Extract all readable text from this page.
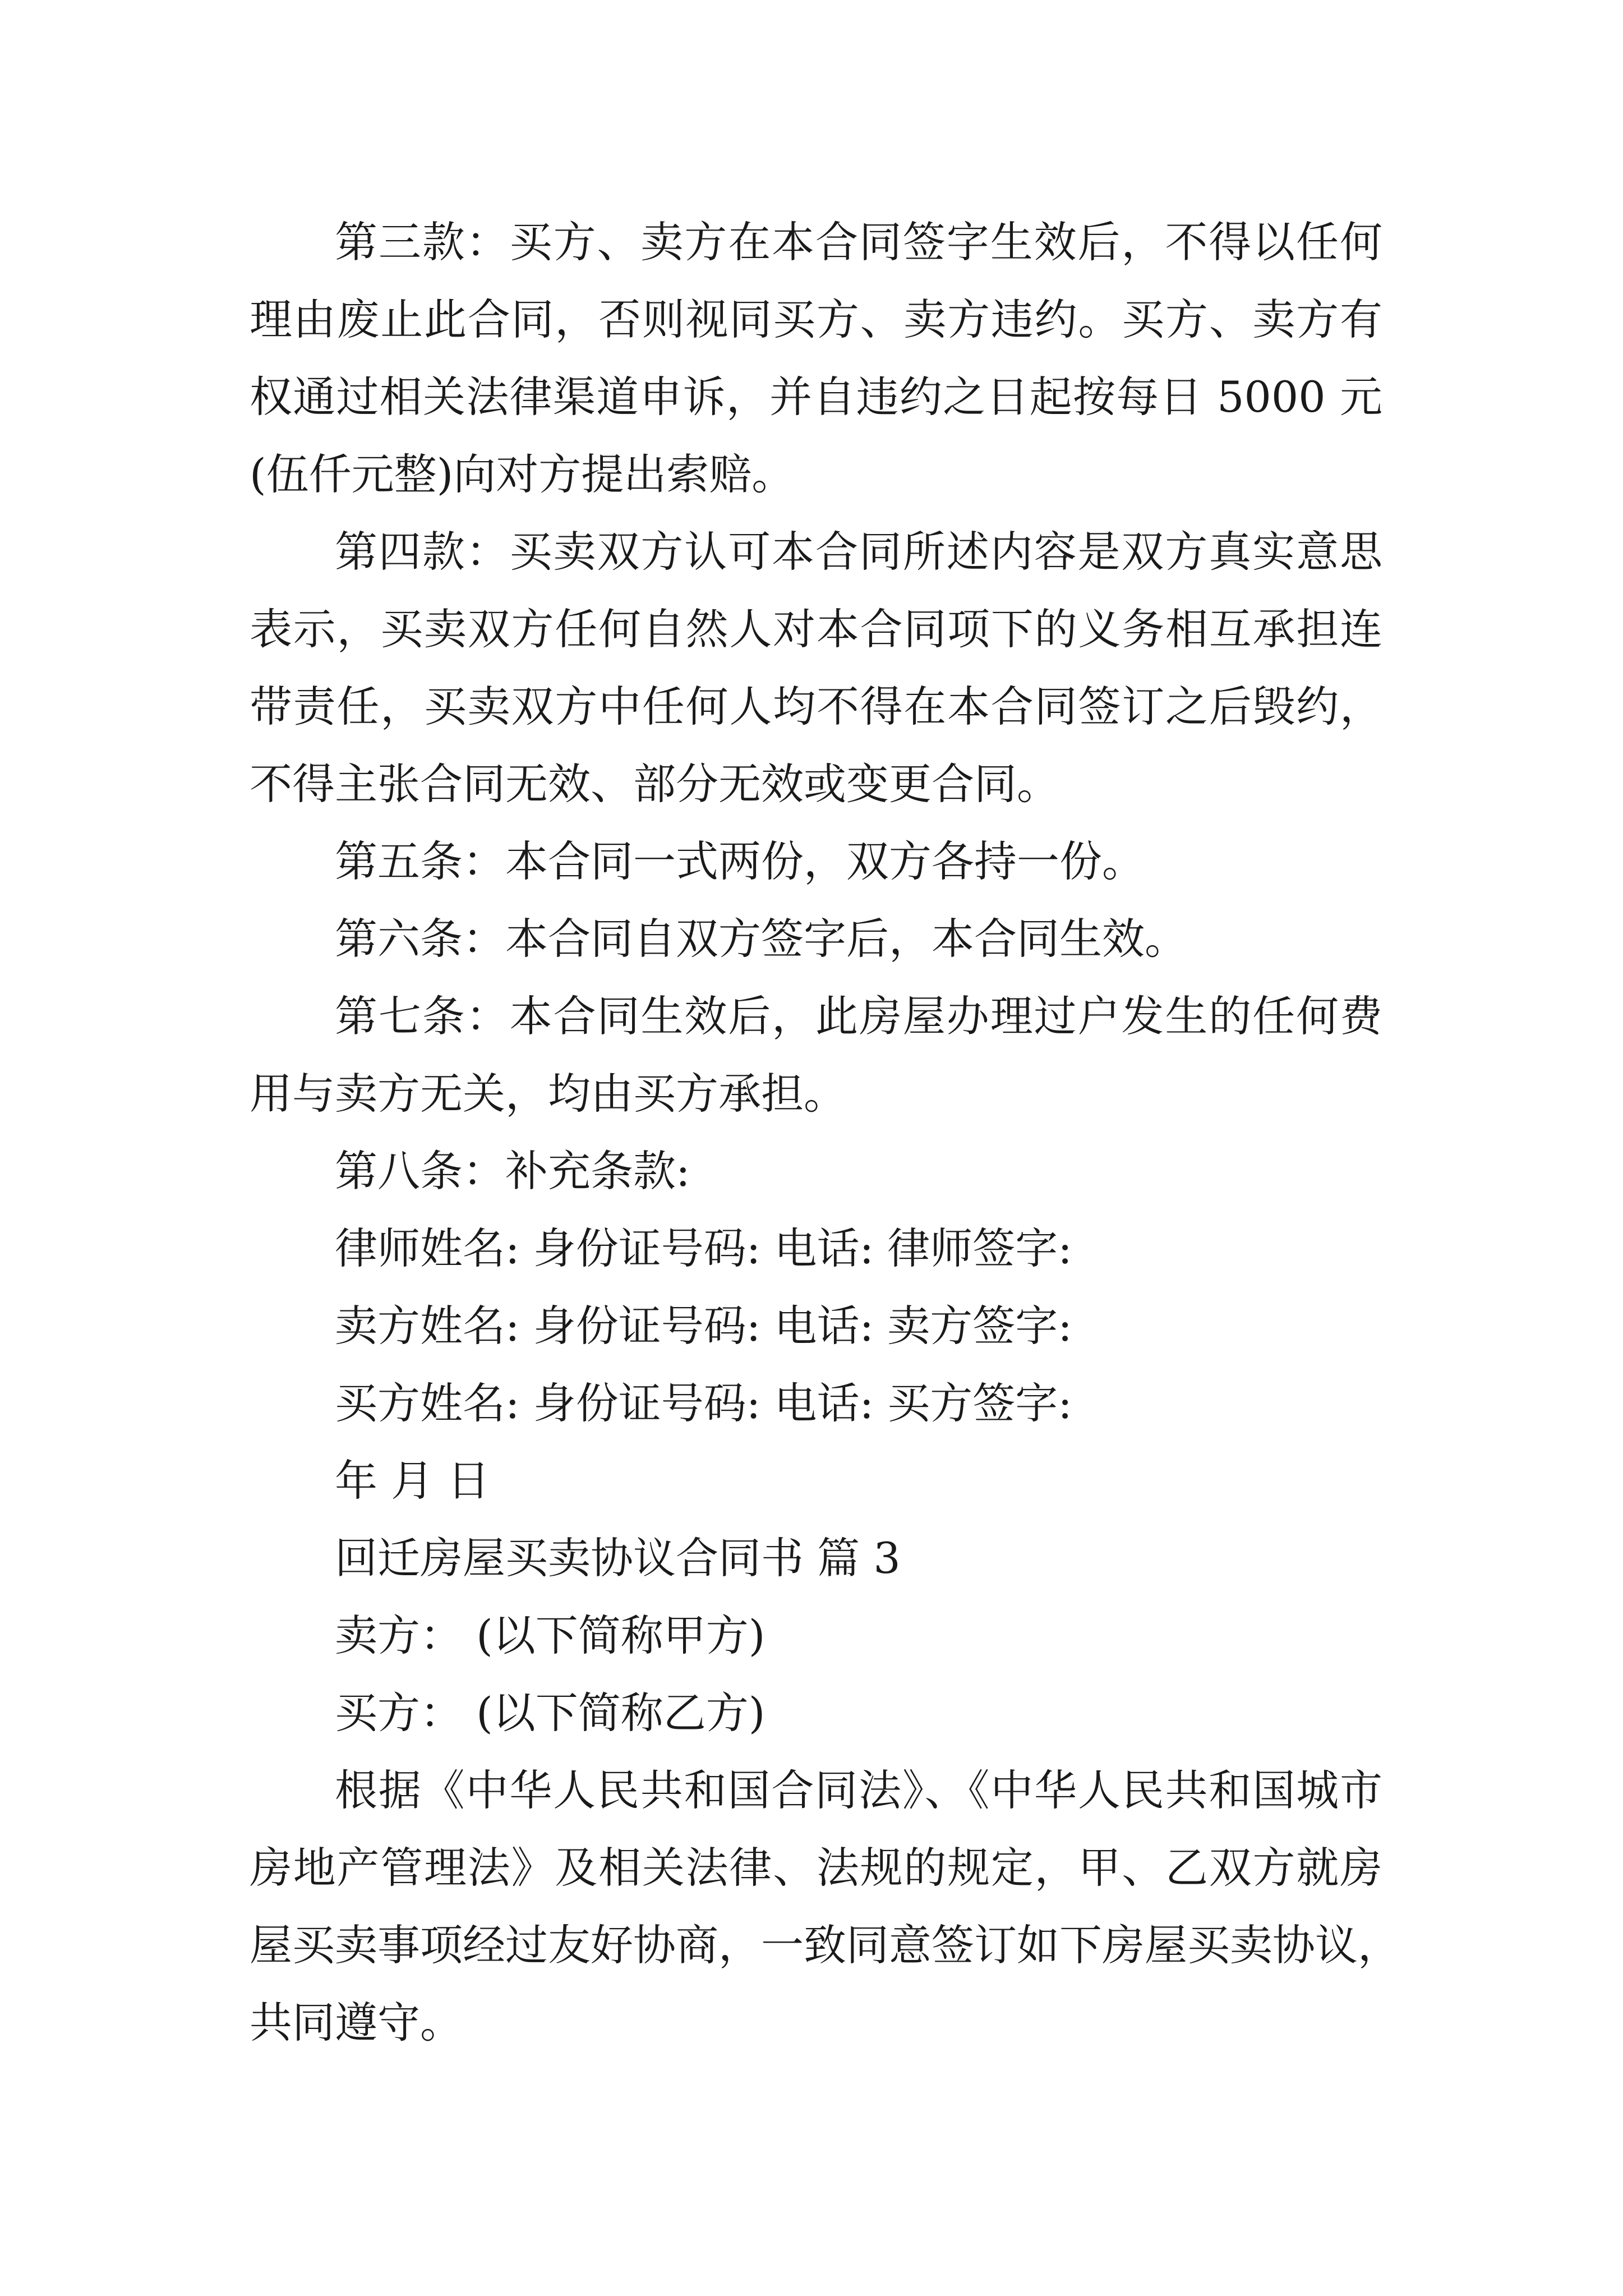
第三款：买方、卖方在本合同签字生效后，不得以任何
理由废止此合同，否则视同买方、卖方违约。买方、卖方有
权通过相关法律渠道申诉，并自违约之日起按每日 5000 元
(伍仟元整)向对方提出索赔。
第四款：买卖双方认可本合同所述内容是双方真实意思
表示，买卖双方任何自然人对本合同项下的义务相互承担连
带责任，买卖双方中任何人均不得在本合同签订之后毁约，
不得主张合同无效、部分无效或变更合同。
第五条：本合同一式两份，双方各持一份。
第六条：本合同自双方签字后，本合同生效。
第七条：本合同生效后，此房屋办理过户发生的任何费
用与卖方无关，均由买方承担。
第八条：补充条款:
律师姓名: 身份证号码: 电话: 律师签字:
卖方姓名: 身份证号码: 电话: 卖方签字:
买方姓名: 身份证号码: 电话: 买方签字:
年 月 日
回迁房屋买卖协议合同书 篇 3
卖方： (以下简称甲方)
买方： (以下简称乙方)
根据《中华人民共和国合同法》、《中华人民共和国城市
房地产管理法》及相关法律、法规的规定，甲、乙双方就房
屋买卖事项经过友好协商，一致同意签订如下房屋买卖协议，
共同遵守。
